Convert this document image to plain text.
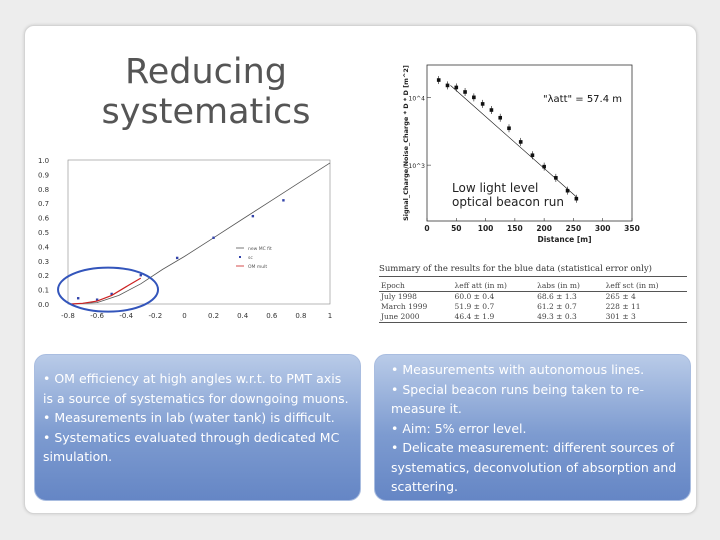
Reducing systematics
0.0
0.1
0.2
0.3
0.4
0.5
0.6
0.7
0.8
0.9
1.0
-0.8 -0.6 -0.4 -0.2	0	0.2	0.4	0.6	0.8	1
new MC fit
sc
OM mult
0	50 100 150 200 250 300 350
10^4
10^3
Distance [m]
Signal_Charge/Noise_Charge * D * D [m^2]	"λatt" = 57.4 m
Low light level
optical beacon run
Summary of the results for the blue data (statistical error only)
Epoch	λeff att (in m)	λabs (in m)	λeff sct (in m)
July 1998	60.0 ± 0.4	68.6 ± 1.3	265 ± 4
March 1999	51.9 ± 0.7	61.2 ± 0.7	228 ± 11
June 2000	46.4 ± 1.9	49.3 ± 0.3	301 ± 3

• OM efficiency at high angles w.r.t. to PMT axis is a source of systematics for downgoing muons.

• Measurements in lab (water tank) is difficult.

• Systematics evaluated through dedicated MC simulation.

• Measurements with autonomous lines.

• Special beacon runs being taken to re-measure it.

• Aim: 5% error level.

• Delicate measurement: different sources of systematics, deconvolution of absorption and scattering.
